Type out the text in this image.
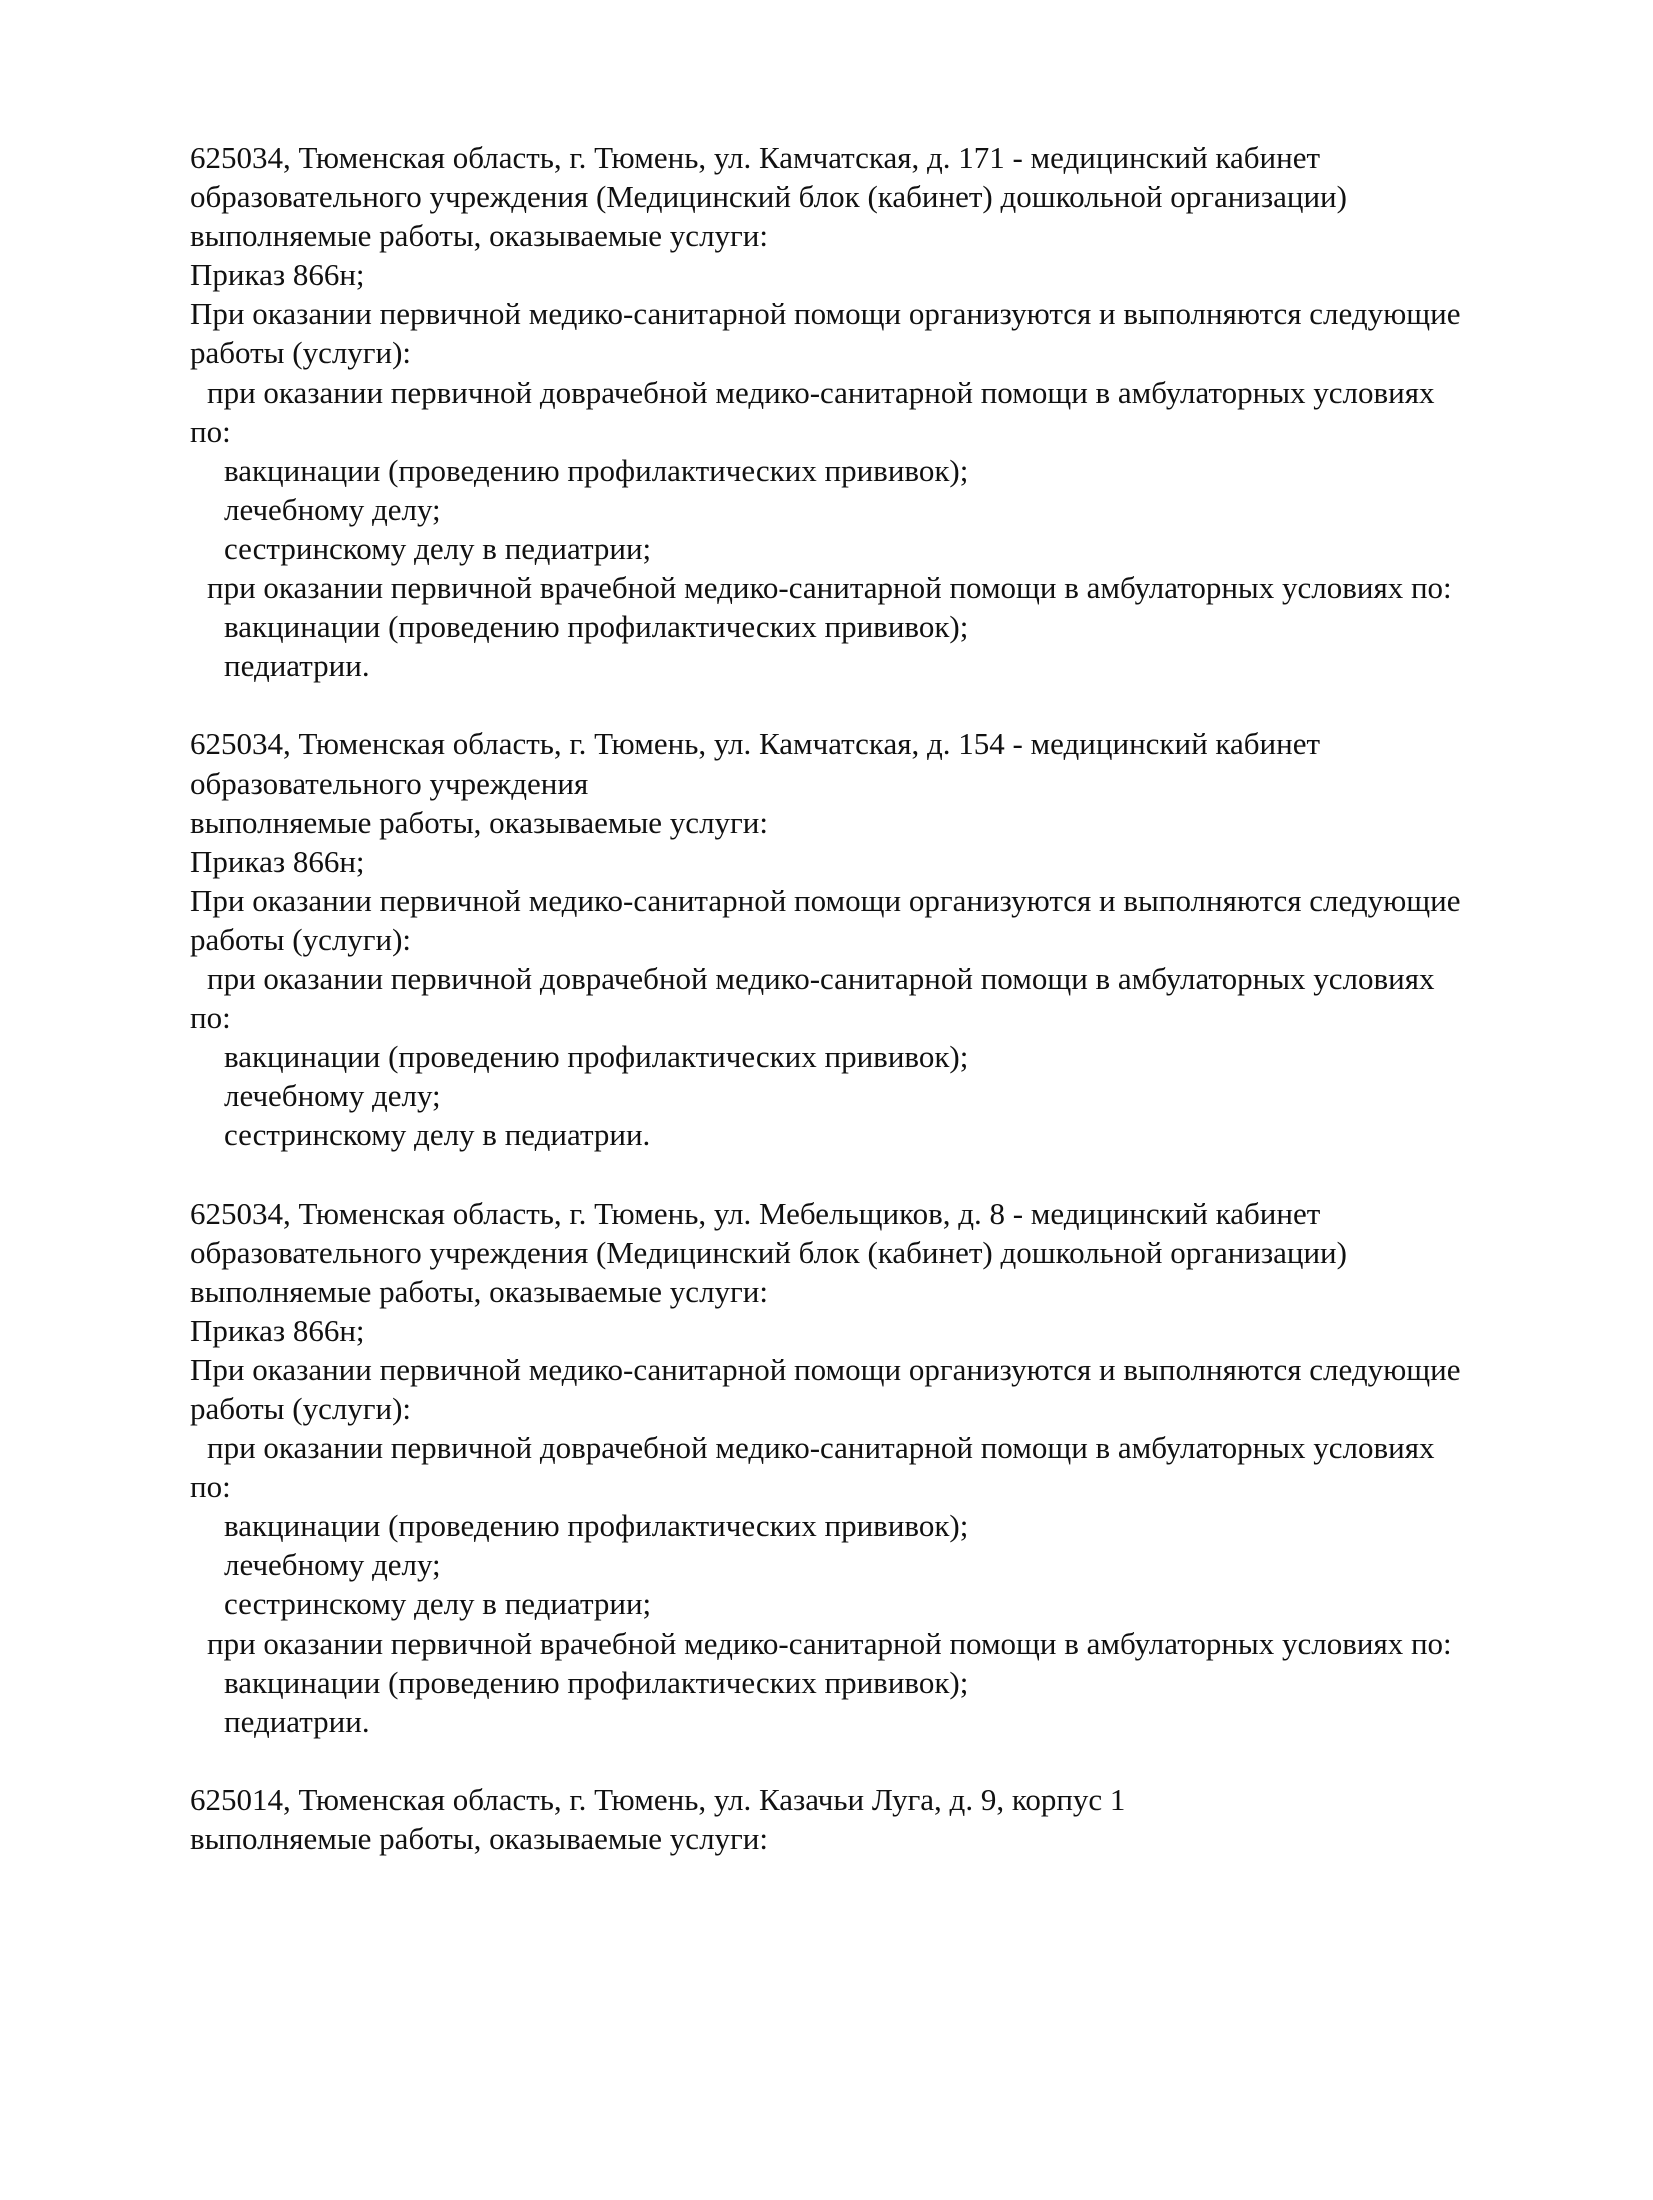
625034, Тюменская область, г. Тюмень, ул. Камчатская, д. 171 - медицинский кабинет
образовательного учреждения (Медицинский блок (кабинет) дошкольной организации)
выполняемые работы, оказываемые услуги:
Приказ 866н;
При оказании первичной медико-санитарной помощи организуются и выполняются следующие
работы (услуги):
при оказании первичной доврачебной медико-санитарной помощи в амбулаторных условиях
по:
вакцинации (проведению профилактических прививок);
лечебному делу;
сестринскому делу в педиатрии;
при оказании первичной врачебной медико-санитарной помощи в амбулаторных условиях по:
вакцинации (проведению профилактических прививок);
педиатрии.
625034, Тюменская область, г. Тюмень, ул. Камчатская, д. 154 - медицинский кабинет
образовательного учреждения
выполняемые работы, оказываемые услуги:
Приказ 866н;
При оказании первичной медико-санитарной помощи организуются и выполняются следующие
работы (услуги):
при оказании первичной доврачебной медико-санитарной помощи в амбулаторных условиях
по:
вакцинации (проведению профилактических прививок);
лечебному делу;
сестринскому делу в педиатрии.
625034, Тюменская область, г. Тюмень, ул. Мебельщиков, д. 8 - медицинский кабинет
образовательного учреждения (Медицинский блок (кабинет) дошкольной организации)
выполняемые работы, оказываемые услуги:
Приказ 866н;
При оказании первичной медико-санитарной помощи организуются и выполняются следующие
работы (услуги):
при оказании первичной доврачебной медико-санитарной помощи в амбулаторных условиях
по:
вакцинации (проведению профилактических прививок);
лечебному делу;
сестринскому делу в педиатрии;
при оказании первичной врачебной медико-санитарной помощи в амбулаторных условиях по:
вакцинации (проведению профилактических прививок);
педиатрии.
625014, Тюменская область, г. Тюмень, ул. Казачьи Луга, д. 9, корпус 1
выполняемые работы, оказываемые услуги:
